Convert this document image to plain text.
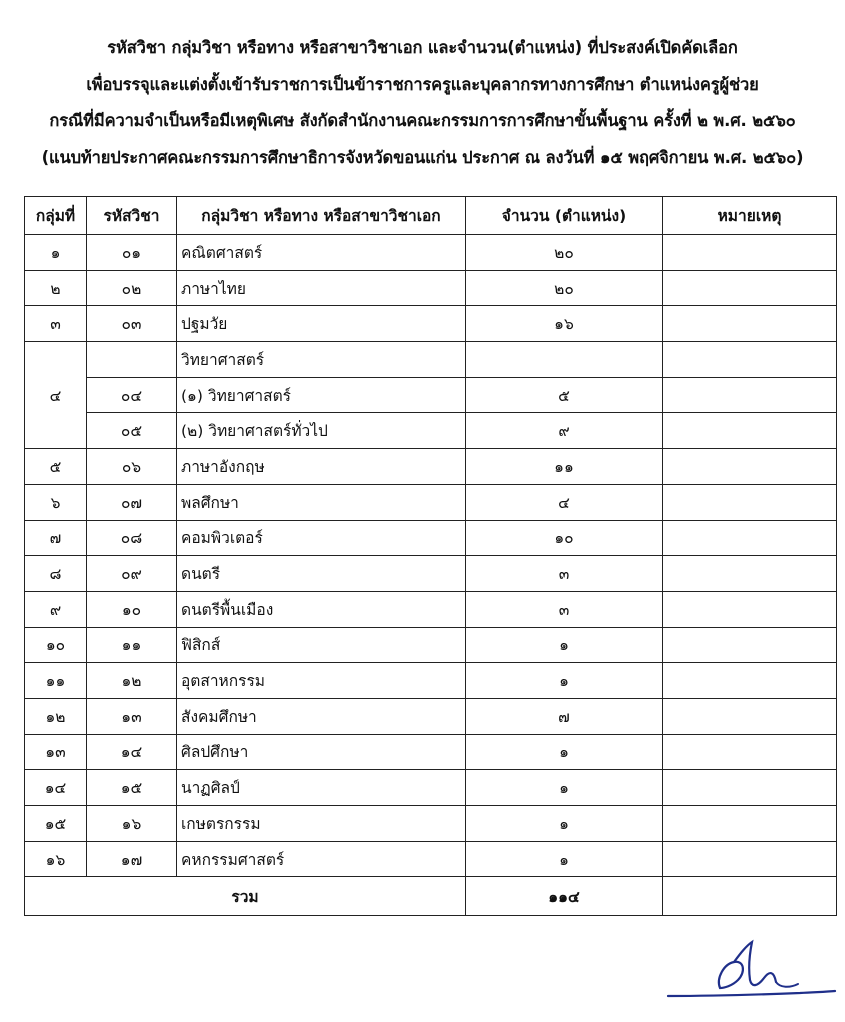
รหัสวิชา กลุ่มวิชา หรือทาง หรือสาขาวิชาเอก และจำนวน(ตำแหน่ง) ที่ประสงค์เปิดคัดเลือก
เพื่อบรรจุและแต่งตั้งเข้ารับราชการเป็นข้าราชการครูและบุคลากรทางการศึกษา ตำแหน่งครูผู้ช่วย
กรณีที่มีความจำเป็นหรือมีเหตุพิเศษ สังกัดสำนักงานคณะกรรมการการศึกษาขั้นพื้นฐาน ครั้งที่ ๒ พ.ศ. ๒๕๖๐
(แนบท้ายประกาศคณะกรรมการศึกษาธิการจังหวัดขอนแก่น ประกาศ ณ ลงวันที่ ๑๕ พฤศจิกายน พ.ศ. ๒๕๖๐)
กลุ่มที่	รหัสวิชา	กลุ่มวิชา หรือทาง หรือสาขาวิชาเอก	จำนวน (ตำแหน่ง)	หมายเหตุ
๑	๐๑	คณิตศาสตร์	๒๐	
๒	๐๒	ภาษาไทย	๒๐	
๓	๐๓	ปฐมวัย	๑๖	
๔		วิทยาศาสตร์		
	๐๔	(๑) วิทยาศาสตร์	๕	
	๐๕	(๒) วิทยาศาสตร์ทั่วไป	๙	
๕	๐๖	ภาษาอังกฤษ	๑๑	
๖	๐๗	พลศึกษา	๔	
๗	๐๘	คอมพิวเตอร์	๑๐	
๘	๐๙	ดนตรี	๓	
๙	๑๐	ดนตรีพื้นเมือง	๓	
๑๐	๑๑	ฟิสิกส์	๑	
๑๑	๑๒	อุตสาหกรรม	๑	
๑๒	๑๓	สังคมศึกษา	๗	
๑๓	๑๔	ศิลปศึกษา	๑	
๑๔	๑๕	นาฏศิลป์	๑	
๑๕	๑๖	เกษตรกรรม	๑	
๑๖	๑๗	คหกรรมศาสตร์	๑	
รวม			๑๑๔	
